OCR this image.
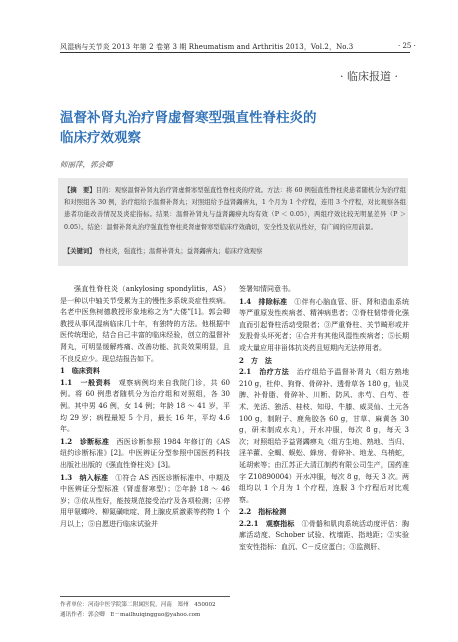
风湿病与关节炎 2013 年第 2 卷第 3 期 Rheumatism and Arthritis 2013，Vol.2，No.3	· 25 ·
· 临床报道 ·
温督补肾丸治疗肾虚督寒型强直性脊柱炎的
临床疗效观察
师丽萍，郭会卿
【摘　要】目的：观察温督补肾丸治疗肾虚督寒型强直性脊柱炎的疗效。方法：将 60 例强直性脊柱炎患者随机分为治疗组和对照组各 30 例，治疗组给予温督补肾丸；对照组给予益肾蠲痹丸，1 个月为 1 个疗程，连用 3 个疗程，对比观察各组患者功能改善情况及炎症指标。结果：温督补肾丸与益肾蠲痹丸均有效（P ＜ 0.05），两组疗效比较无明显差异（P ＞ 0.05）。结论：温督补肾丸治疗强直性脊柱炎肾虚督寒型临床疗效确切，安全性及依从性好，有广阔的应用前景。
【关键词】　 脊柱炎，强直性；温督补肾丸；益肾蠲痹丸；临床疗效观察

强直性脊柱炎（ankylosing spondylitis，AS）是一种以中轴关节受累为主的慢性多系统炎症性疾病。名老中医焦树德教授形象地称之为“大偻”[1]。郭会卿教授从事风湿病临床几十年，有独特的方法。他根据中医传统理论，结合自己丰富的临床经验，创立的温督补肾丸，可明显缓解疼痛、改善功能、抗炎效果明显，且不良反应少。现总结报告如下。

1　临床资料

1.1　一般资料　 观察病例均来自我院门诊，共 60 例。将 60 例患者随机分为治疗组和对照组，各 30 例。其中男 46 例，女 14 例；年龄 18 ～ 41 岁，平均 29 岁；病程最短 5 个月，最长 16 年，平均 4.6 年。

1.2　诊断标准　 西医诊断参照 1984 年修订的《AS 纽约诊断标准》[2]。中医辨证分型参照中国医药科技出版社出版的《强直性脊柱炎》[3]。

1.3　纳入标准　 ①符合 AS 西医诊断标准中、中期及中医辨证分型标准（肾虚督寒型）；②年龄 18 ～ 46 岁；③依从性好，能按规范接受治疗及各项检测；④停用甲氨蝶呤、柳氮磺吡啶、肾上腺皮质激素等药物 1 个月以上；⑤自愿进行临床试验并

签署知情同意书。

1.4　排除标准　 ①伴有心脑血管、肝、肾和造血系统等严重原发性疾病者、精神病患者；②脊柱韧带骨化强直而引起脊柱活动受限者；③严重脊柱、关节畸形或并发股骨头坏死者；④合并有其他风湿性疾病者；⑤长期或大量应用非甾体抗炎药且短期内无法停用者。

2　方　法

2.1　治疗方法　 治疗组给予温督补肾丸（组方熟地 210 g，杜仲、狗脊、骨碎补、透骨草各 180 g，仙灵脾、补骨脂、骨碎补、川断、防风、赤芍、白芍、苍术、羌活、独活、桂枝、知母、牛膝、威灵仙、土元各 100 g，制附子、鹿角胶各 60 g，甘草、麻黄各 30 g，研末制成水丸），开水冲服，每次 8 g，每天 3 次；对照组给予益肾蠲痹丸（组方生地、熟地、当归、淫羊藿、全蝎、蜈蚣、蜂房、骨碎补、地龙、乌梢蛇，延胡索等；由江苏正大清江制药有限公司生产，国药准字 Z10890004）开水冲服，每次 8 g，每天 3 次。两组均以 1 个月为 1 个疗程，连服 3 个疗程后对比观察。

2.2　指标检测

2.2.1　观察指标　 ①骨骼和肌肉系统活动度评估：胸廓活动度、Schober 试验、枕墙距、指地距；②实验室安性指标：血沉、C－反应蛋白；③监测肝、

作者单位：河南中医学院第二附属医院，河南　郑州　450002
通讯作者：郭会卿　E－mailhuiqingguo@yahoo.com
